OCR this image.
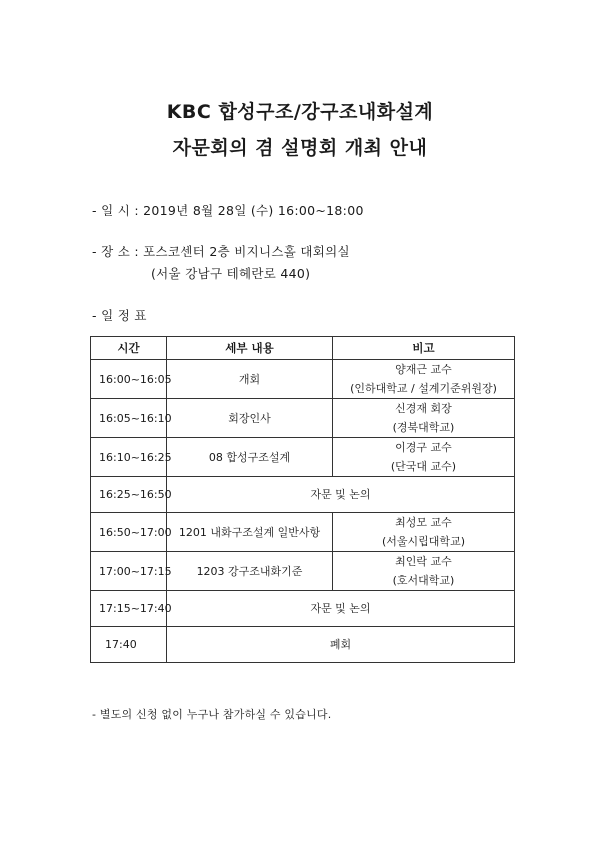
KBC 합성구조/강구조내화설계
자문회의 겸 설명회 개최 안내
- 일 시 : 2019년 8월 28일 (수) 16:00~18:00
- 장 소 : 포스코센터 2층 비지니스홀 대회의실
(서울 강남구 테헤란로 440)
- 일 정 표
시간	세부 내용	비고
16:00~16:05	개회	양재근 교수
(인하대학교 / 설계기준위원장)

16:05~16:10	회장인사	신경재 회장
(경북대학교)

16:10~16:25	08 합성구조설계	이경구 교수
(단국대 교수)

16:25~16:50	자문 및 논의	
16:50~17:00	1201 내화구조설계 일반사항	최성모 교수
(서울시립대학교)

17:00~17:15	1203 강구조내화기준	최인락 교수
(호서대학교)

17:15~17:40	자문 및 논의	
17:40	폐회	
- 별도의 신청 없이 누구나 참가하실 수 있습니다.
